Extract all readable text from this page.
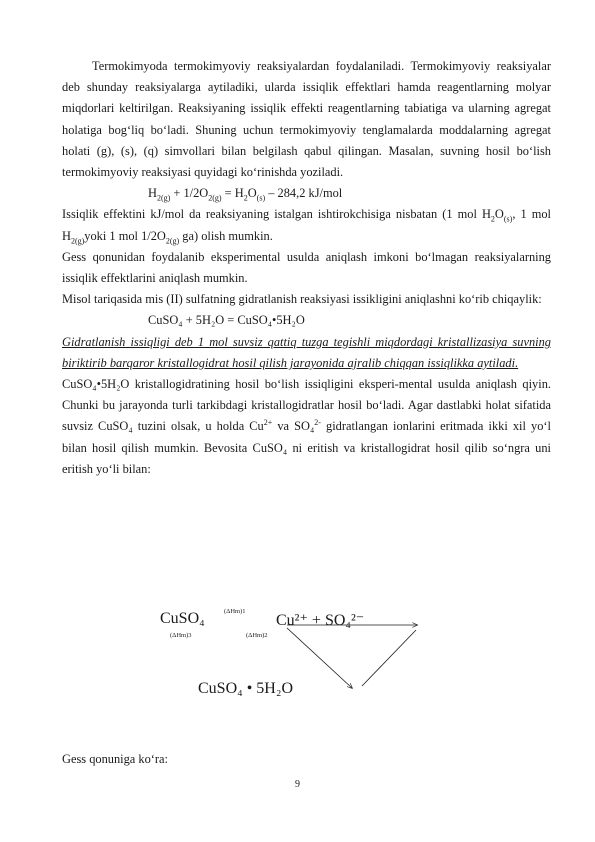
Termokimyoda termokimyoviy reaksiyalardan foydalaniladi. Termokimyoviy reaksiyalar deb shunday reaksiyalarga aytiladiki, ularda issiqlik effektlari hamda reagentlarning molyar miqdorlari keltirilgan. Reaksiyaning issiqlik effekti reagentlarning tabiatiga va ularning agregat holatiga bog‘liq bo‘ladi. Shuning uchun termokimyoviy tenglamalarda moddalarning agregat holati (g), (s), (q) simvollari bilan belgilash qabul qilingan. Masalan, suvning hosil bo‘lish termokimyoviy reaksiyasi quyidagi ko‘rinishda yoziladi.

$H_{2(g)} + 1/2O_{2(g)} = H_2O_{(s)} - 284,2$ kJ/mol

Issiqlik effektini kJ/mol da reaksiyaning istalgan ishtirokchisiga nisbatan (1 mol $H_2O_{(s)}$, 1 mol $H_{2(g)}yoki$ 1 mol $1/2O_{2(g)}$ ga) olish mumkin.

Gess qonunidan foydalanib eksperimental usulda aniqlash imkoni bo‘lmagan reaksiyalarning issiqlik effektlarini aniqlash mumkin.

Misol tariqasida mis (II) sulfatning gidratlanish reaksiyasi issikligini aniqlashni ko‘rib chiqaylik:

CuSO₄ + 5H₂O = CuSO₄•5H₂O

Gidratlanish issiqligi deb 1 mol suvsiz qattiq tuzga tegishli miqdordagi kristallizasiya suvning biriktirib barqaror kristallogidrat hosil qilish jarayonida ajralib chiqqan issiqlikka aytiladi.

CuSO₄•5H₂O kristallogidratining hosil bo‘lish issiqligini eksperi-mental usulda aniqlash qiyin. Chunki bu jarayonda turli tarkibdagi kristallogidratlar hosil bo‘ladi. Agar dastlabki holat sifatida suvsiz CuSO₄ tuzini olsak, u holda $Cu^{2+}$ va SO₄$^{2-}$ gidratlangan ionlarini eritmada ikki xil yo‘l bilan hosil qilish mumkin. Bevosita CuSO₄ ni eritish va kristallogidrat hosil qilib so‘ngra uni eritish yo‘li bilan:

CuSO₄	(ΔHm)1
Cu²⁺ + SO₄²⁻
(ΔHm)3	(ΔHm)2
CuSO₄ • 5H₂O
Gess qonuniga ko‘ra:
9
